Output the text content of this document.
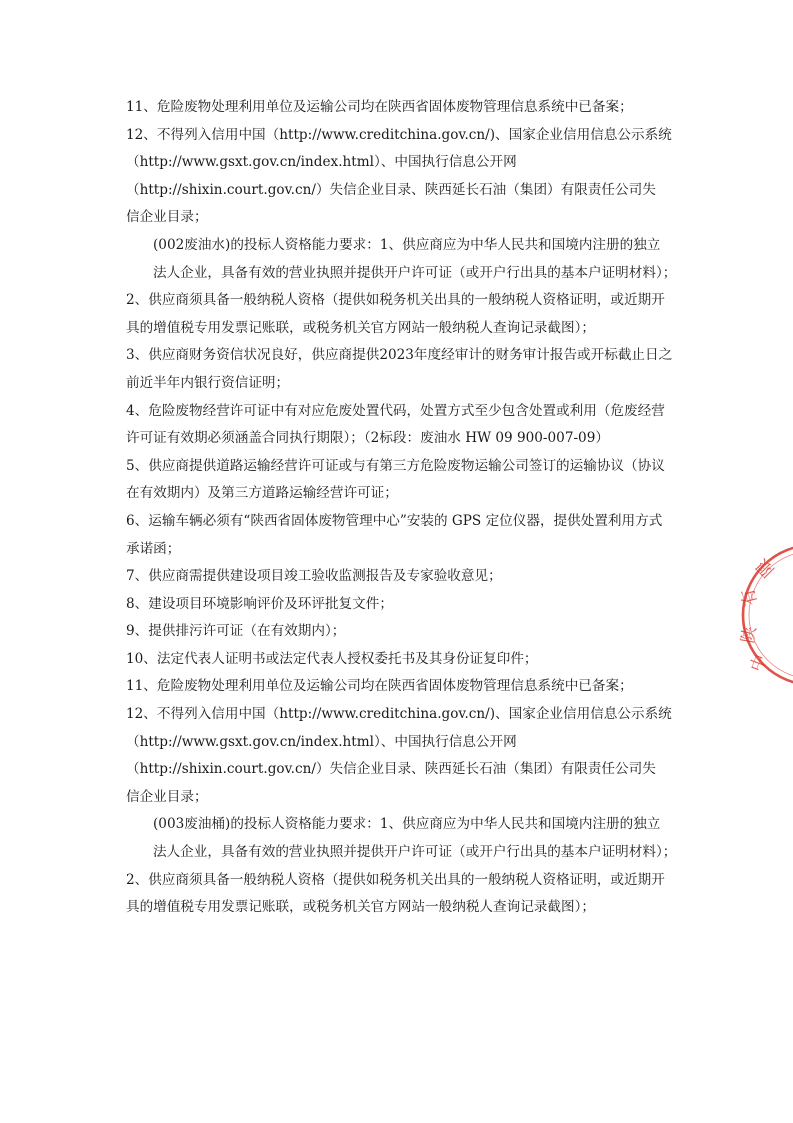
11、危险废物处理利用单位及运输公司均在陕西省固体废物管理信息系统中已备案；
12、不得列入信用中国（http://www.creditchina.gov.cn/)、国家企业信用信息公示系统
（http://www.gsxt.gov.cn/index.html）、中国执行信息公开网
（http://shixin.court.gov.cn/）失信企业目录、陕西延长石油（集团）有限责任公司失
信企业目录；
(002废油水)的投标人资格能力要求：1、供应商应为中华人民共和国境内注册的独立
法人企业，具备有效的营业执照并提供开户许可证（或开户行出具的基本户证明材料）；
2、供应商须具备一般纳税人资格（提供如税务机关出具的一般纳税人资格证明，或近期开
具的增值税专用发票记账联，或税务机关官方网站一般纳税人查询记录截图）；
3、供应商财务资信状况良好，供应商提供2023年度经审计的财务审计报告或开标截止日之
前近半年内银行资信证明；
4、危险废物经营许可证中有对应危废处置代码，处置方式至少包含处置或利用（危废经营
许可证有效期必须涵盖合同执行期限）；（2标段：废油水 HW 09 900-007-09）
5、供应商提供道路运输经营许可证或与有第三方危险废物运输公司签订的运输协议（协议
在有效期内）及第三方道路运输经营许可证；
6、运输车辆必须有“陕西省固体废物管理中心”安装的 GPS 定位仪器，提供处置利用方式
承诺函；
7、供应商需提供建设项目竣工验收监测报告及专家验收意见；
8、建设项目环境影响评价及环评批复文件；
9、提供排污许可证（在有效期内）；
10、法定代表人证明书或法定代表人授权委托书及其身份证复印件；
11、危险废物处理利用单位及运输公司均在陕西省固体废物管理信息系统中已备案；
12、不得列入信用中国（http://www.creditchina.gov.cn/)、国家企业信用信息公示系统
（http://www.gsxt.gov.cn/index.html）、中国执行信息公开网
（http://shixin.court.gov.cn/）失信企业目录、陕西延长石油（集团）有限责任公司失
信企业目录；
(003废油桶)的投标人资格能力要求：1、供应商应为中华人民共和国境内注册的独立
法人企业，具备有效的营业执照并提供开户许可证（或开户行出具的基本户证明材料）；
2、供应商须具备一般纳税人资格（提供如税务机关出具的一般纳税人资格证明，或近期开
具的增值税专用发票记账联，或税务机关官方网站一般纳税人查询记录截图）；
中
陕
有
限
